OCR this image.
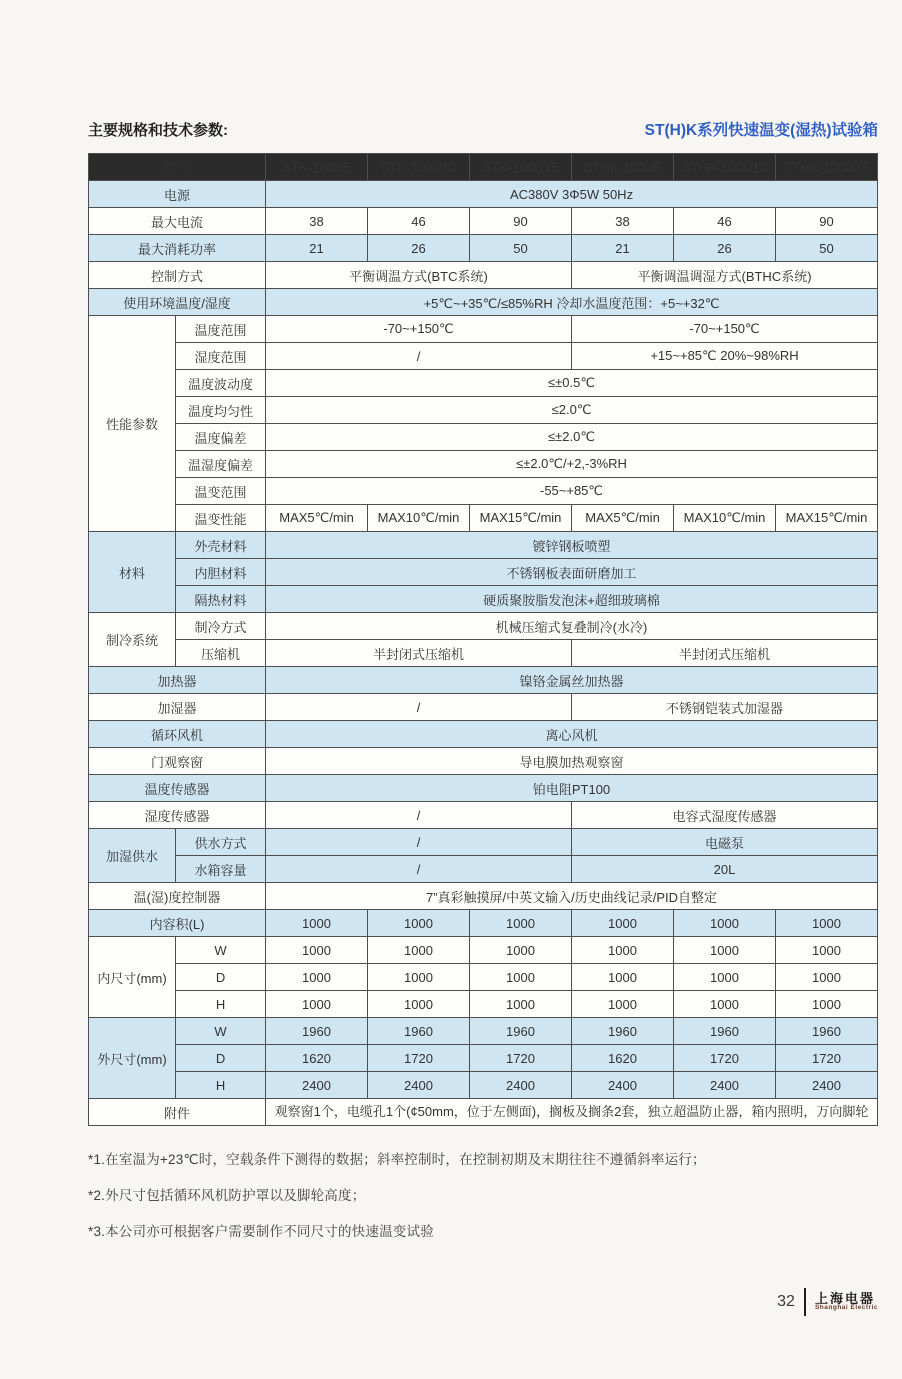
主要规格和技术参数:	ST(H)K系列快速温变(湿热)试验箱
型号		STK-100U5	STK-100U10	STK-100U15	STHK-100U5	STHK-100U10	STHK-100U15
电源		AC380V 3Φ5W 50Hz					
最大电流		38	46	90	38	46	90
最大消耗功率		21	26	50	21	26	50
控制方式		平衡调温方式(BTC系统)			平衡调温调湿方式(BTHC系统)		
使用环境温度/湿度		+5℃~+35℃/≤85%RH 冷却水温度范围：+5~+32℃					
性能参数	温度范围	-70~+150℃			-70~+150℃		
	湿度范围	/			+15~+85℃ 20%~98%RH		
	温度波动度	≤±0.5℃					
	温度均匀性	≤2.0℃					
	温度偏差	≤±2.0℃					
	温湿度偏差	≤±2.0℃/+2,-3%RH					
	温变范围	-55~+85℃					
	温变性能	MAX5℃/min	MAX10℃/min	MAX15℃/min	MAX5℃/min	MAX10℃/min	MAX15℃/min
材料	外壳材料	镀锌钢板喷塑					
	内胆材料	不锈钢板表面研磨加工					
	隔热材料	硬质聚胺脂发泡沫+超细玻璃棉					
制冷系统	制冷方式	机械压缩式复叠制冷(水冷)					
	压缩机	半封闭式压缩机			半封闭式压缩机		
加热器		镍铬金属丝加热器					
加湿器		/			不锈钢铠装式加湿器		
循环风机		离心风机					
门观察窗		导电膜加热观察窗					
温度传感器		铂电阻PT100					
湿度传感器		/			电容式湿度传感器		
加湿供水	供水方式	/			电磁泵		
	水箱容量	/			20L		
温(湿)度控制器		7”真彩触摸屏/中英文输入/历史曲线记录/PID自整定					
内容积(L)		1000	1000	1000	1000	1000	1000
内尺寸(mm)	W	1000	1000	1000	1000	1000	1000
	D	1000	1000	1000	1000	1000	1000
	H	1000	1000	1000	1000	1000	1000
外尺寸(mm)	W	1960	1960	1960	1960	1960	1960
	D	1620	1720	1720	1620	1720	1720
	H	2400	2400	2400	2400	2400	2400
附件		观察窗1个，电缆孔1个(¢50mm，位于左侧面)，搁板及搁条2套，独立超温防止器，箱内照明，万向脚轮					

*1.在室温为+23℃时，空载条件下测得的数据；斜率控制时，在控制初期及末期往往不遵循斜率运行；

*2.外尺寸包括循环风机防护罩以及脚轮高度；

*3.本公司亦可根据客户需要制作不同尺寸的快速温变试验

32 上海电器
Shanghai Electric
